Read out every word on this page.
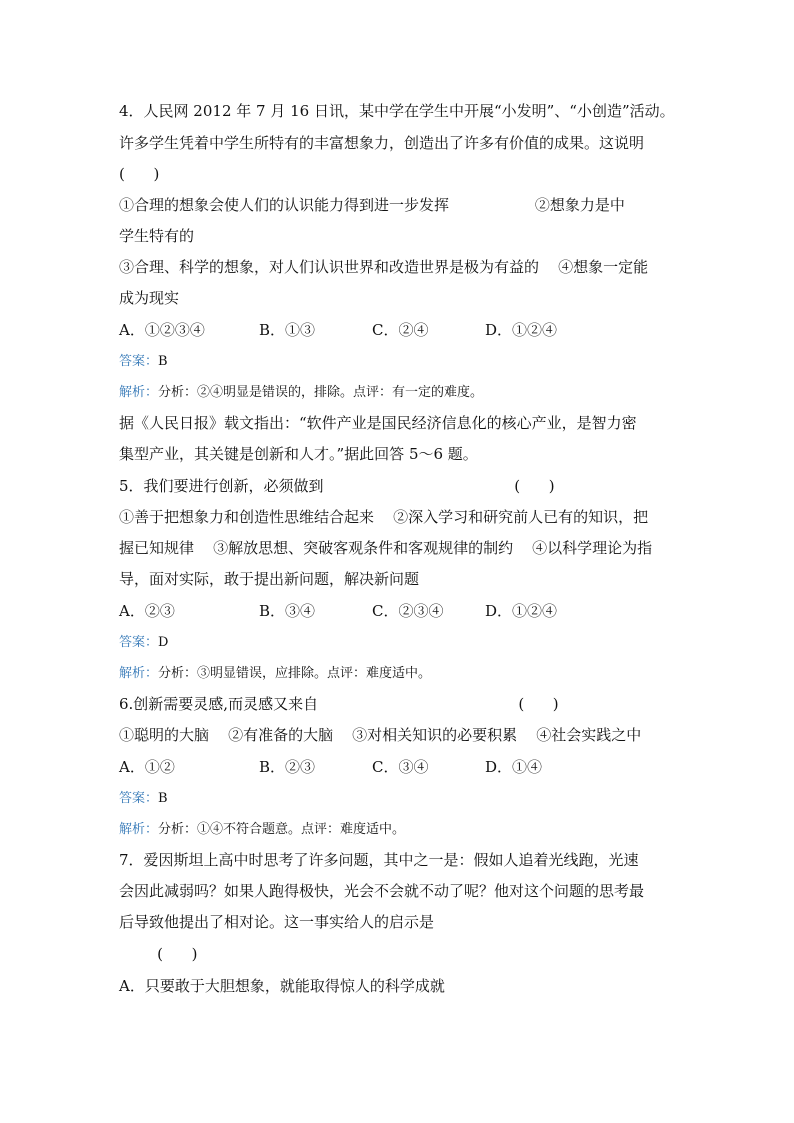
4．人民网 2012 年 7 月 16 日讯，某中学在学生中开展“小发明”、“小创造”活动。
许多学生凭着中学生所特有的丰富想象力，创造出了许多有价值的成果。这说明
(      )
①合理的想象会使人们的认识能力得到进一步发挥                  ②想象力是中
学生特有的
③合理、科学的想象，对人们认识世界和改造世界是极为有益的    ④想象一定能
成为现实
A．①②③④	B．①③	C．②④	D．①②④
答案：B
解析：分析：②④明显是错误的，排除。点评：有一定的难度。
据《人民日报》载文指出：“软件产业是国民经济信息化的核心产业，是智力密
集型产业，其关键是创新和人才。”据此回答 5～6 题。
5．我们要进行创新，必须做到                                        (      )
①善于把想象力和创造性思维结合起来    ②深入学习和研究前人已有的知识，把
握已知规律    ③解放思想、突破客观条件和客观规律的制约    ④以科学理论为指
导，面对实际，敢于提出新问题，解决新问题
A．②③	B．③④	C．②③④	D．①②④
答案：D
解析：分析：③明显错误，应排除。点评：难度适中。
6.创新需要灵感,而灵感又来自                                          (      )
①聪明的大脑    ②有准备的大脑    ③对相关知识的必要积累    ④社会实践之中
A．①②	B．②③	C．③④	D．①④
答案：B
解析：分析：①④不符合题意。点评：难度适中。
7．爱因斯坦上高中时思考了许多问题，其中之一是：假如人追着光线跑，光速
会因此减弱吗？如果人跑得极快，光会不会就不动了呢？他对这个问题的思考最
后导致他提出了相对论。这一事实给人的启示是
(      )
A．只要敢于大胆想象，就能取得惊人的科学成就
